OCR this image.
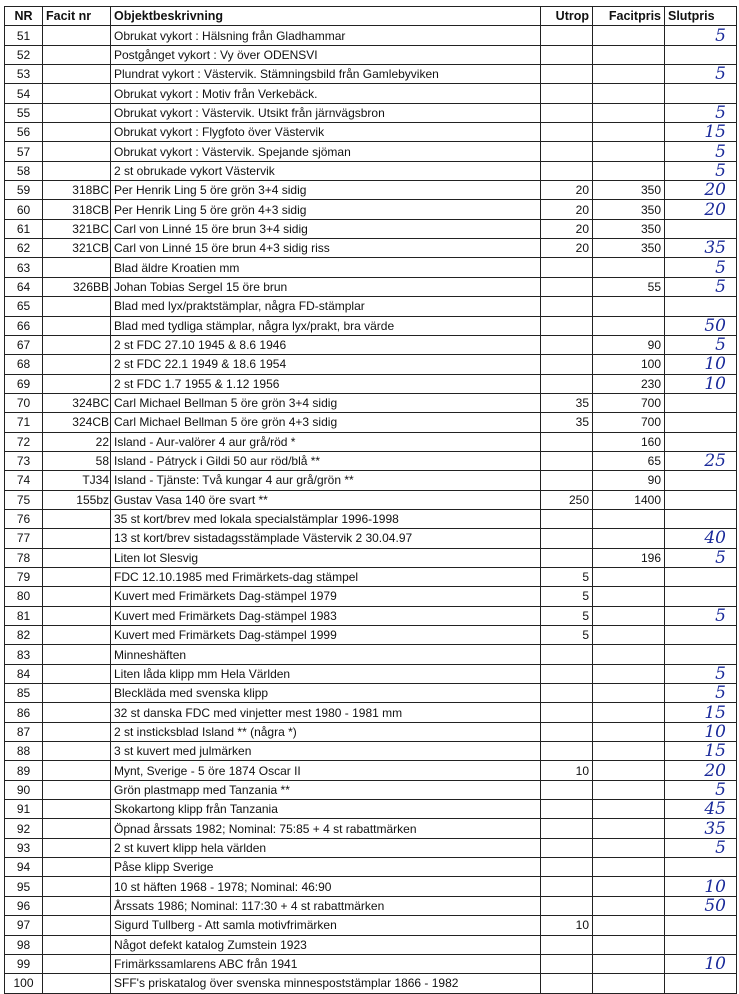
NR	Facit nr	Objektbeskrivning	Utrop	Facitpris	Slutpris
51		Obrukat vykort : Hälsning från Gladhammar			5
52		Postgånget vykort : Vy över ODENSVI			
53		Plundrat vykort : Västervik. Stämningsbild från Gamlebyviken			5
54		Obrukat vykort : Motiv från Verkebäck.			
55		Obrukat vykort : Västervik. Utsikt från järnvägsbron			5
56		Obrukat vykort : Flygfoto över Västervik			15
57		Obrukat vykort : Västervik. Spejande sjöman			5
58		2 st obrukade vykort Västervik			5
59	318BC	Per Henrik Ling 5 öre grön 3+4 sidig	20	350	20
60	318CB	Per Henrik Ling 5 öre grön 4+3 sidig	20	350	20
61	321BC	Carl von Linné 15 öre brun 3+4 sidig	20	350	
62	321CB	Carl von Linné 15 öre brun 4+3 sidig riss	20	350	35
63		Blad äldre Kroatien mm			5
64	326BB	Johan Tobias Sergel 15 öre brun		55	5
65		Blad med lyx/praktstämplar, några FD-stämplar			
66		Blad med tydliga stämplar, några lyx/prakt, bra värde			50
67		2 st FDC 27.10 1945 & 8.6 1946		90	5
68		2 st FDC 22.1 1949 & 18.6 1954		100	10
69		2 st FDC 1.7 1955 & 1.12 1956		230	10
70	324BC	Carl Michael Bellman 5 öre grön 3+4 sidig	35	700	
71	324CB	Carl Michael Bellman 5 öre grön 4+3 sidig	35	700	
72	22	Island - Aur-valörer 4 aur grå/röd *		160	
73	58	Island - Pátryck i Gildi 50 aur röd/blå **		65	25
74	TJ34	Island - Tjänste: Två kungar 4 aur grå/grön **		90	
75	155bz	Gustav Vasa 140 öre svart **	250	1400	
76		35 st kort/brev med lokala specialstämplar 1996-1998			
77		13 st kort/brev sistadagsstämplade Västervik 2 30.04.97			40
78		Liten lot Slesvig		196	5
79		FDC 12.10.1985 med Frimärkets-dag stämpel	5		
80		Kuvert med Frimärkets Dag-stämpel 1979	5		
81		Kuvert med Frimärkets Dag-stämpel 1983	5		5
82		Kuvert med Frimärkets Dag-stämpel 1999	5		
83		Minneshäften			
84		Liten låda klipp mm Hela Världen			5
85		Bleckläda med svenska klipp			5
86		32 st danska FDC med vinjetter mest 1980 - 1981 mm			15
87		2 st insticksblad Island ** (några *)			10
88		3 st kuvert med julmärken			15
89		Mynt, Sverige - 5 öre 1874 Oscar II	10		20
90		Grön plastmapp med Tanzania **			5
91		Skokartong klipp från Tanzania			45
92		Öpnad årssats 1982; Nominal: 75:85 + 4 st rabattmärken			35
93		2 st kuvert klipp hela världen			5
94		Påse klipp Sverige			
95		10 st häften 1968 - 1978; Nominal: 46:90			10
96		Årssats 1986; Nominal: 117:30 + 4 st rabattmärken			50
97		Sigurd Tullberg - Att samla motivfrimärken	10		
98		Något defekt katalog Zumstein 1923			
99		Frimärkssamlarens ABC från 1941			10
100		SFF's priskatalog över svenska minnespoststämplar 1866 - 1982			
